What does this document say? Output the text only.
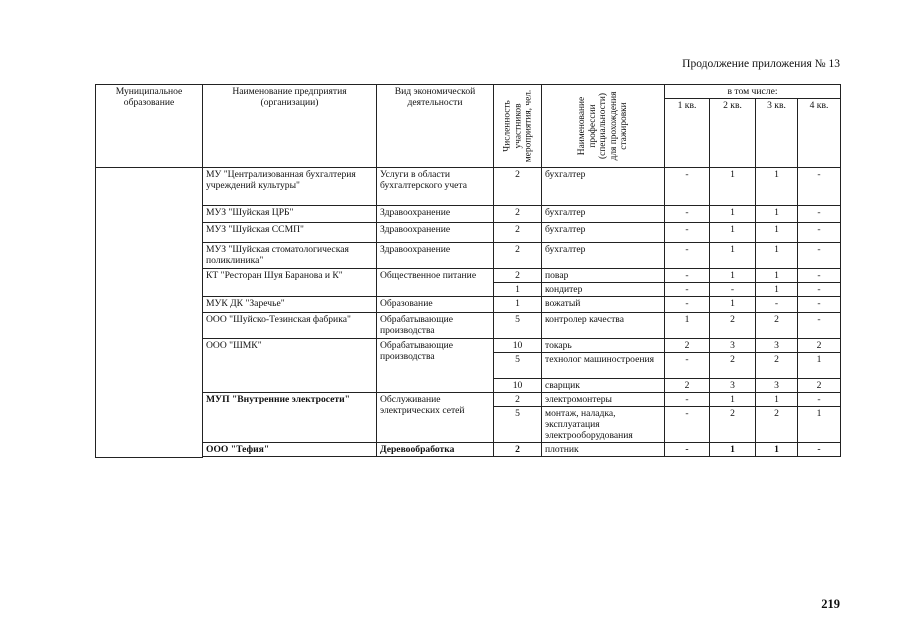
Продолжение приложения № 13
Муниципальное образование	Наименование предприятия (организации)	Вид экономической деятельности	Численность участников мероприятия, чел.	Наименование профессии (специальности) для прохождения стажировки	в том числе:			
					1 кв.	2 кв.	3 кв.	4 кв.
	МУ "Централизованная бухгалтерия учреждений культуры"	Услуги в области бухгалтерского учета	2	бухгалтер	-	1	1	-
	МУЗ "Шуйская ЦРБ"	Здравоохранение	2	бухгалтер	-	1	1	-
	МУЗ "Шуйская ССМП"	Здравоохранение	2	бухгалтер	-	1	1	-
	МУЗ "Шуйская стоматологическая поликлиника"	Здравоохранение	2	бухгалтер	-	1	1	-
	КТ "Ресторан Шуя Баранова и К"	Общественное питание	2	повар	-	1	1	-
			1	кондитер	-	-	1	-
	МУК ДК "Заречье"	Образование	1	вожатый	-	1	-	-
	ООО "Шуйско-Тезинская фабрика"	Обрабатывающие производства	5	контролер качества	1	2	2	-
	ООО "ШМК"	Обрабатывающие производства	10	токарь	2	3	3	2
			5	технолог машиностроения	-	2	2	1
			10	сварщик	2	3	3	2
	МУП "Внутренние электросети"	Обслуживание электрических сетей	2	электромонтеры	-	1	1	-
			5	монтаж, наладка, эксплуатация электрооборудования	-	2	2	1
	ООО "Тефия"	Деревообработка	2	плотник	-	1	1	-

219
